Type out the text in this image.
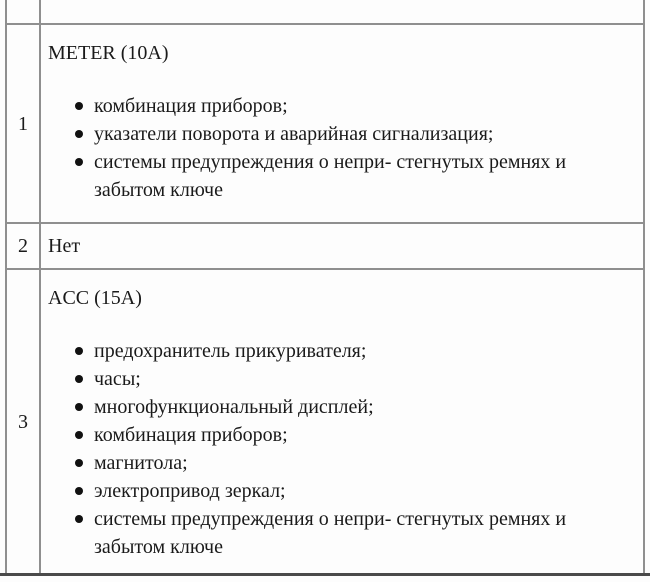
1
METER (10A)
комбинация приборов;
указатели поворота и аварийная сигнализация;
системы предупреждения о непри- стегнутых ремнях и забытом ключе
2	Нет
3
ACC (15A)
предохранитель прикуривателя;
часы;
многофункциональный дисплей;
комбинация приборов;
магнитола;
электропривод зеркал;
системы предупреждения о непри- стегнутых ремнях и забытом ключе
